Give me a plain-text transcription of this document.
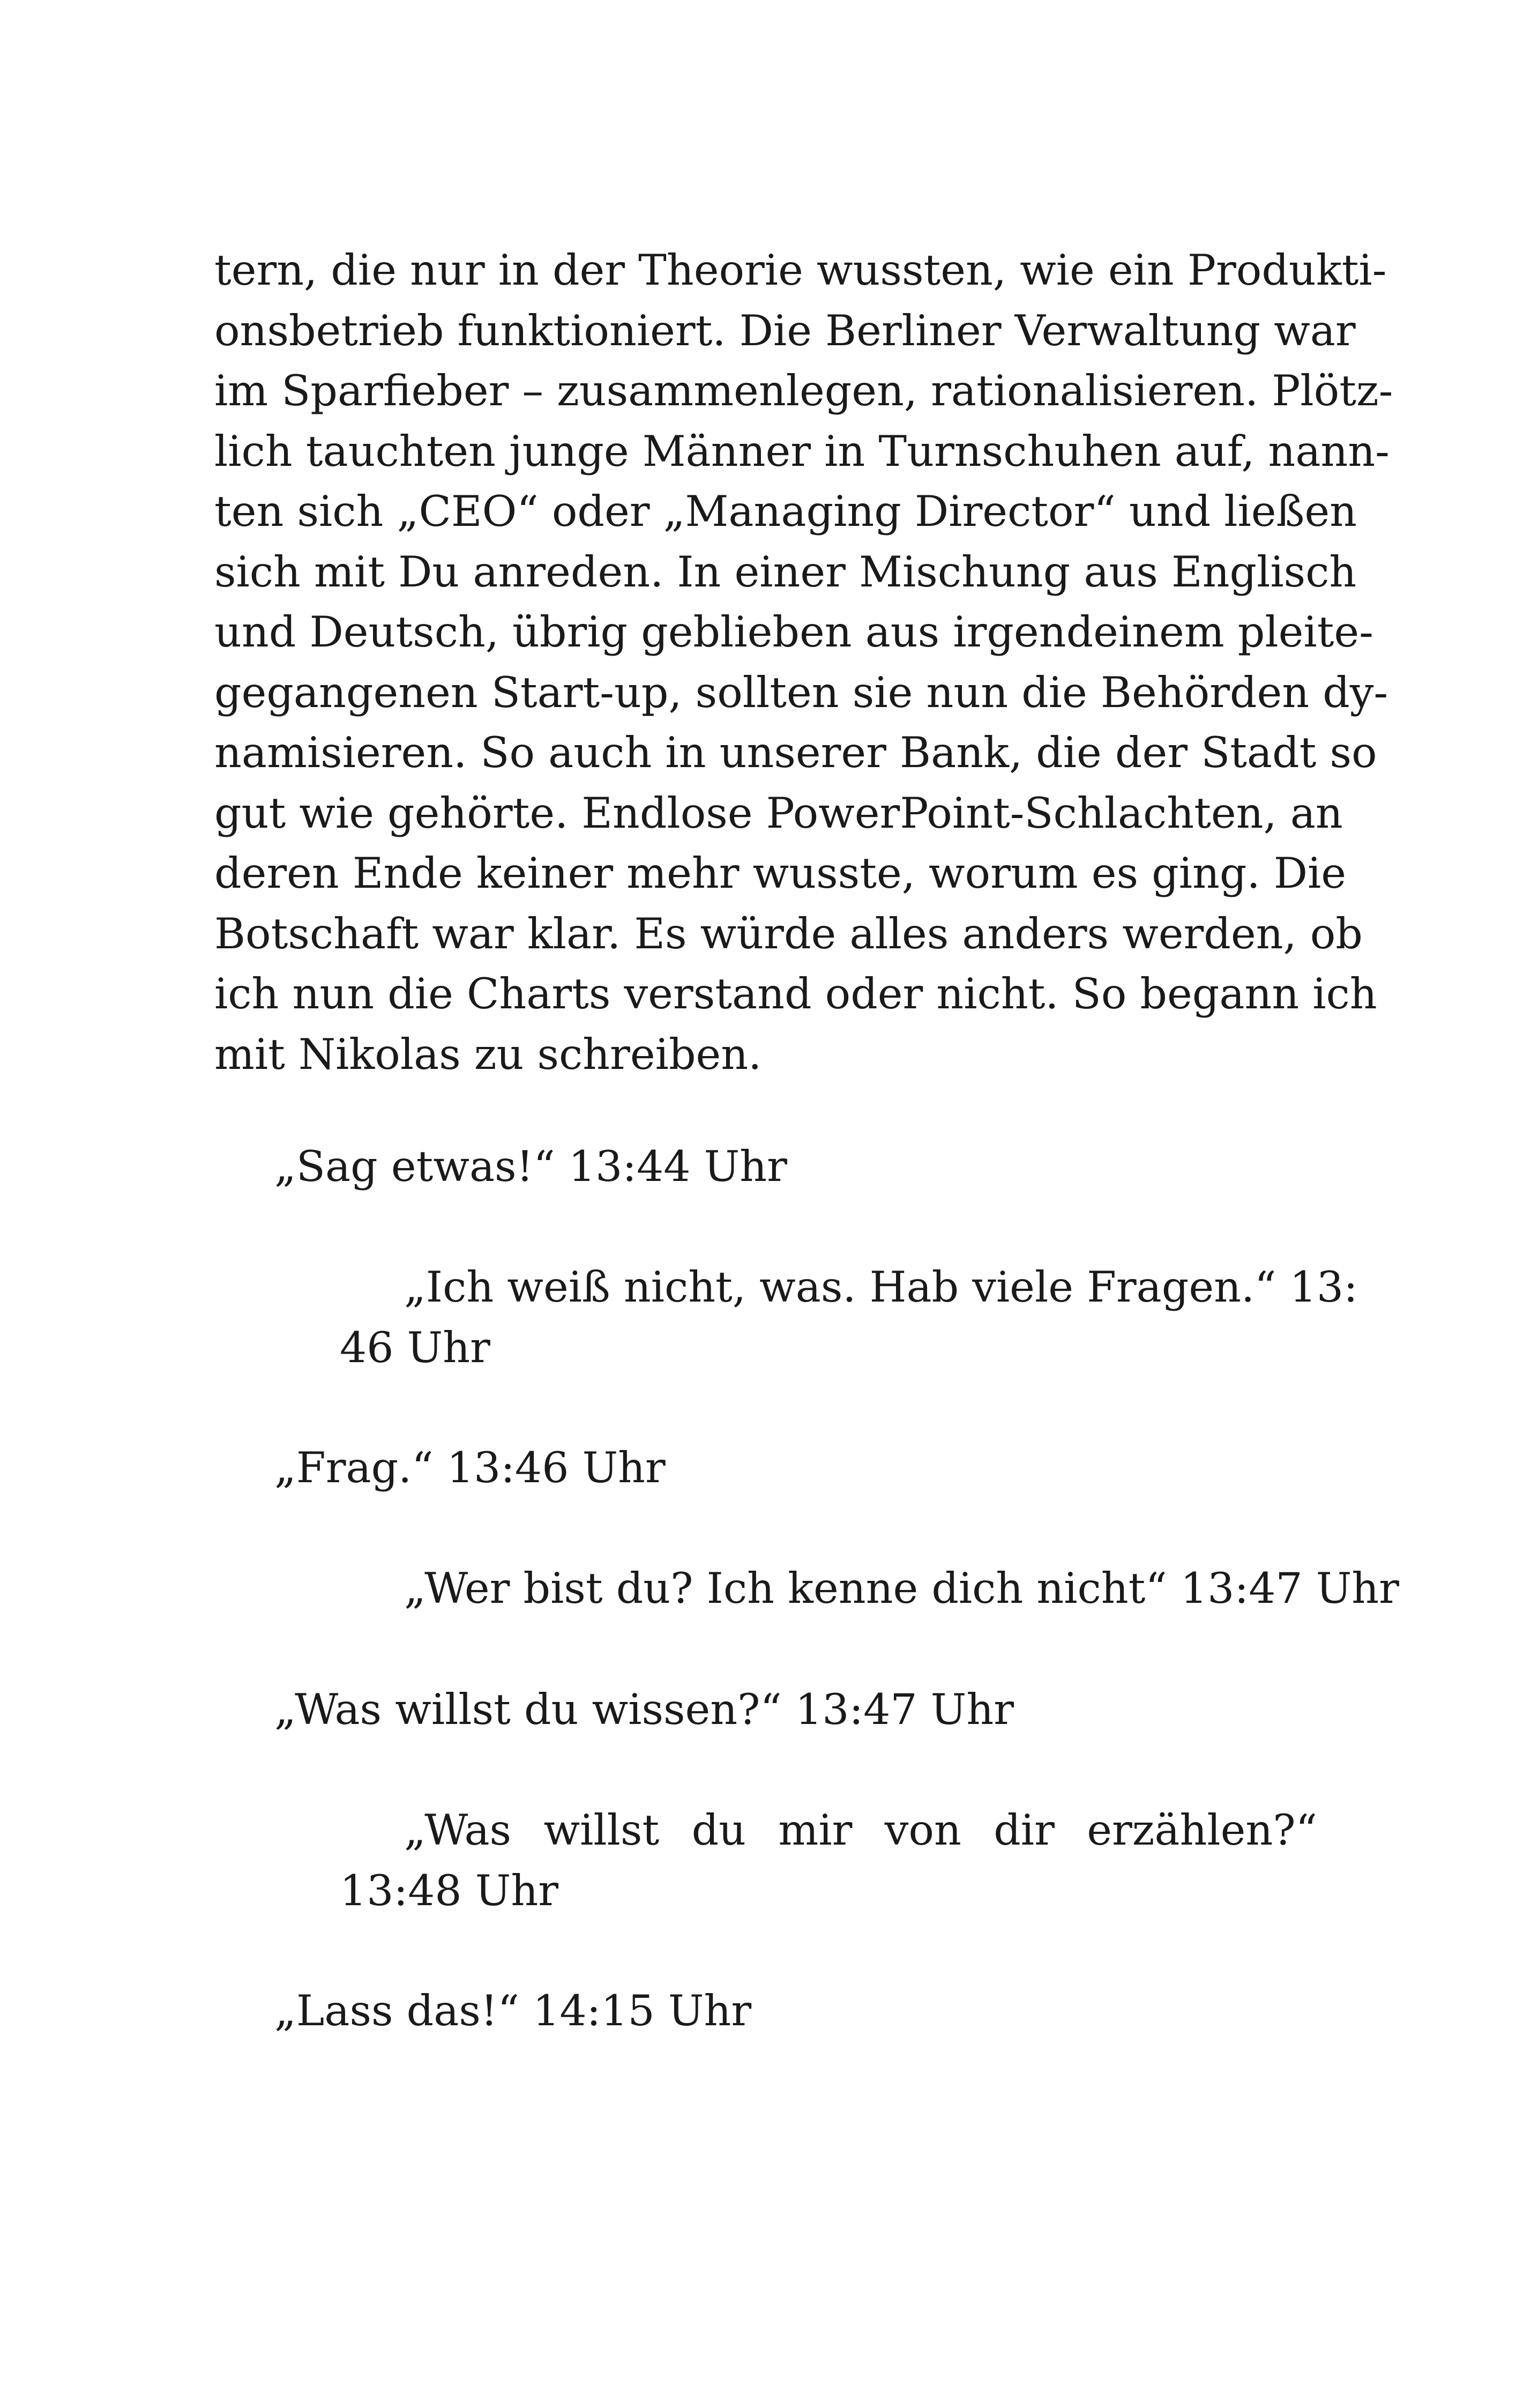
tern, die nur in der Theorie wussten, wie ein Produkti-
onsbetrieb funktioniert. Die Berliner Verwaltung war
im Sparfieber – zusammenlegen, rationalisieren. Plötz-
lich tauchten junge Männer in Turnschuhen auf, nann-
ten sich „CEO“ oder „Managing Director“ und ließen
sich mit Du anreden. In einer Mischung aus Englisch
und Deutsch, übrig geblieben aus irgendeinem pleite-
gegangenen Start-up, sollten sie nun die Behörden dy-
namisieren. So auch in unserer Bank, die der Stadt so
gut wie gehörte. Endlose PowerPoint-Schlachten, an
deren Ende keiner mehr wusste, worum es ging. Die
Botschaft war klar. Es würde alles anders werden, ob
ich nun die Charts verstand oder nicht. So begann ich
mit Nikolas zu schreiben.

„Sag etwas!“ 13:44 Uhr

„Ich weiß nicht, was. Hab viele Fragen.“ 13:
46 Uhr

„Frag.“ 13:46 Uhr

„Wer bist du? Ich kenne dich nicht“ 13:47 Uhr

„Was willst du wissen?“ 13:47 Uhr

„Was willst du mir von dir erzählen?“
13:48 Uhr

„Lass das!“ 14:15 Uhr
